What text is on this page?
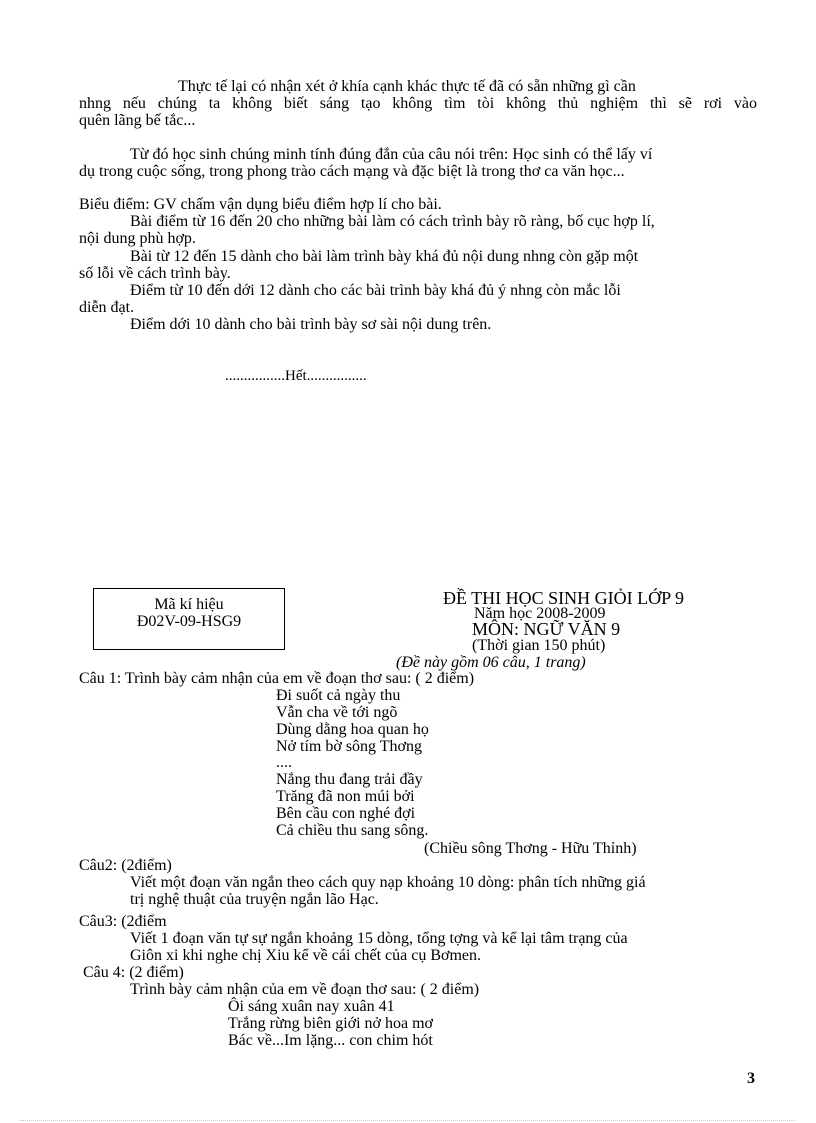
Thực tế lại có nhận xét ở khía cạnh khác thực tế đã có sẵn những gì cần
nhng nếu chúng ta không biết sáng tạo không tìm tòi không thủ nghiệm thì sẽ rơi vào
quên lãng bế tắc...
Từ đó học sinh chúng minh tính đúng đắn của câu nói trên: Học sinh có thể lấy ví
dụ trong cuộc sống, trong phong trào cách mạng và đặc biệt là trong thơ ca văn học...
Biểu điểm: GV chấm vận dụng biểu điểm hợp lí cho bài.
Bài điểm từ 16 đến 20 cho những bài làm có cách trình bày rõ ràng, bố cục hợp lí,
nội dung phù hợp.
Bài từ 12 đến 15 dành cho bài làm trình bày khá đủ nội dung nhng còn gặp một
số lỗi về cách trình bày.
Điểm từ 10 đến dới 12 dành cho các bài trình bày khá đủ ý nhng còn mắc lỗi
diễn đạt.
Điểm dới 10 dành cho bài trình bày sơ sài nội dung trên.
................Hết................
Mã kí hiệu
Đ02V-09-HSG9
ĐỀ THI HỌC SINH GIỎI LỚP 9
Năm học 2008-2009
MÔN: NGỮ VĂN 9
(Thời gian 150 phút)
(Đề này gồm 06 câu, 1 trang)
Câu 1: Trình bày cảm nhận của em về đoạn thơ sau: ( 2 điểm)
Đi suốt cả ngày thu
Vẫn cha về tới ngõ
Dùng dằng hoa quan họ
Nở tím bờ sông Thơng
....
Nắng thu đang trải đầy
Trăng đã non múi bởi
Bên cầu con nghé đợi
Cả chiều thu sang sông.
(Chiều sông Thơng - Hữu Thỉnh)
Câu2: (2điểm)
Viết một đoạn văn ngắn theo cách quy nạp khoảng 10 dòng: phân tích những giá
trị nghệ thuật của truyện ngắn lão Hạc.
Câu3: (2điểm
Viết 1 đoạn văn tự sự ngắn khoảng 15 dòng, tổng tợng và kể lại tâm trạng của
Giôn xi khi nghe chị Xiu kể về cái chết của cụ Bơmen.
Câu 4: (2 điểm)
Trình bày cảm nhận của em về đoạn thơ sau: ( 2 điểm)
Ôi sáng xuân nay xuân 41
Trắng rừng biên giới nở hoa mơ
Bác về...Im lặng... con chim hót
3
